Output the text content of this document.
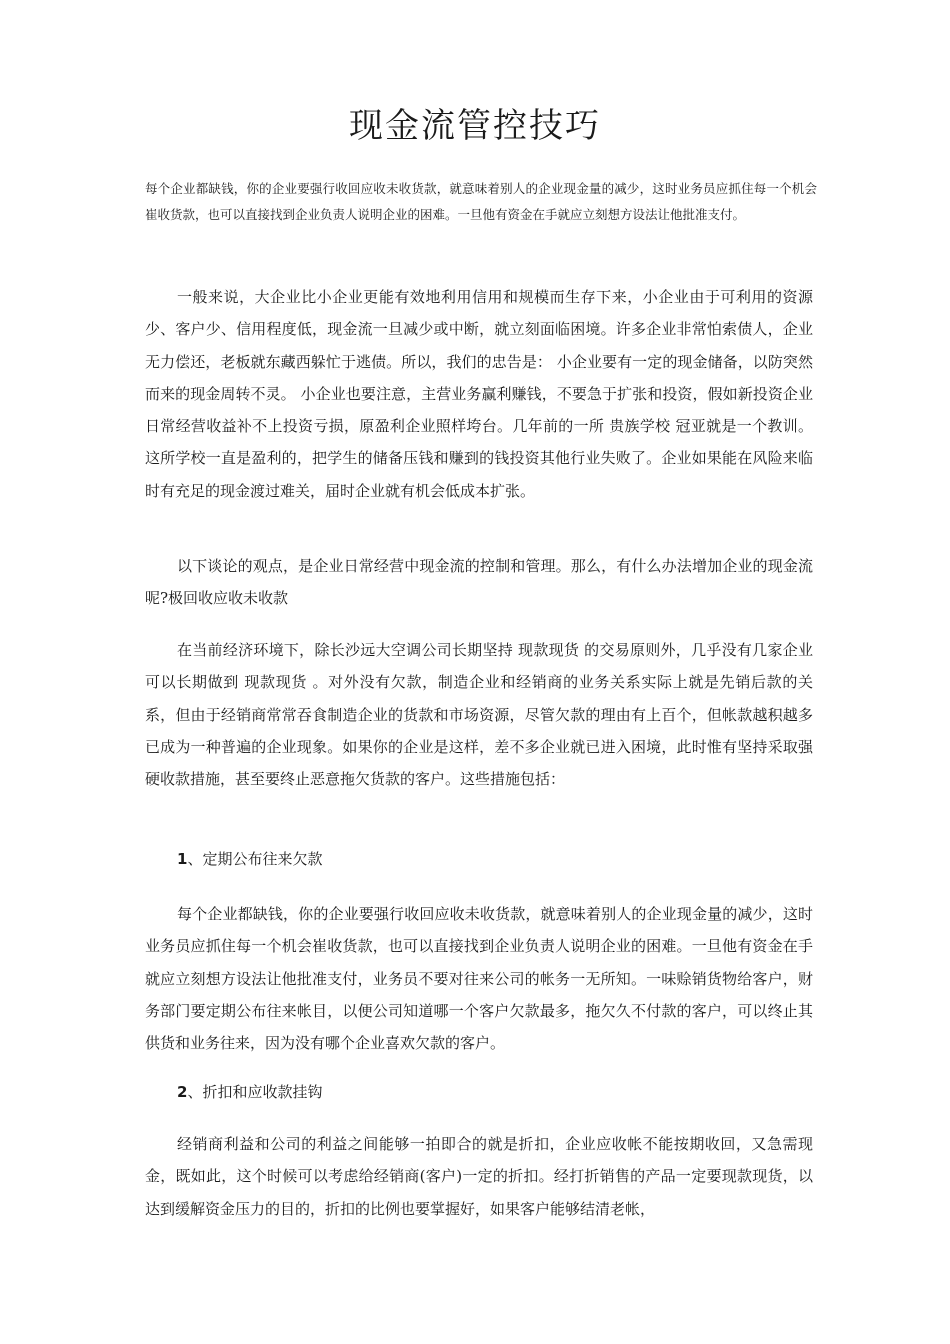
现金流管控技巧

每个企业都缺钱，你的企业要强行收回应收未收货款，就意味着别人的企业现金量的减少，这时业务员应抓住每一个机会崔收货款，也可以直接找到企业负责人说明企业的困难。一旦他有资金在手就应立刻想方设法让他批准支付。

一般来说，大企业比小企业更能有效地利用信用和规模而生存下来，小企业由于可利用的资源少、客户少、信用程度低，现金流一旦减少或中断，就立刻面临困境。许多企业非常怕索债人，企业无力偿还，老板就东藏西躲忙于逃债。所以，我们的忠告是： 小企业要有一定的现金储备，以防突然而来的现金周转不灵。 小企业也要注意，主营业务赢利赚钱，不要急于扩张和投资，假如新投资企业日常经营收益补不上投资亏损，原盈利企业照样垮台。几年前的一所 贵族学校 冠亚就是一个教训。这所学校一直是盈利的，把学生的储备压钱和赚到的钱投资其他行业失败了。企业如果能在风险来临时有充足的现金渡过难关，届时企业就有机会低成本扩张。

以下谈论的观点，是企业日常经营中现金流的控制和管理。那么，有什么办法增加企业的现金流呢?极回收应收未收款

在当前经济环境下，除长沙远大空调公司长期坚持 现款现货 的交易原则外，几乎没有几家企业可以长期做到 现款现货 。对外没有欠款，制造企业和经销商的业务关系实际上就是先销后款的关系，但由于经销商常常吞食制造企业的货款和市场资源，尽管欠款的理由有上百个，但帐款越积越多已成为一种普遍的企业现象。如果你的企业是这样，差不多企业就已进入困境，此时惟有坚持采取强硬收款措施，甚至要终止恶意拖欠货款的客户。这些措施包括：

1、定期公布往来欠款

每个企业都缺钱，你的企业要强行收回应收未收货款，就意味着别人的企业现金量的减少，这时业务员应抓住每一个机会崔收货款，也可以直接找到企业负责人说明企业的困难。一旦他有资金在手就应立刻想方设法让他批准支付，业务员不要对往来公司的帐务一无所知。一味赊销货物给客户，财务部门要定期公布往来帐目，以便公司知道哪一个客户欠款最多，拖欠久不付款的客户，可以终止其供货和业务往来，因为没有哪个企业喜欢欠款的客户。

2、折扣和应收款挂钩

经销商利益和公司的利益之间能够一拍即合的就是折扣，企业应收帐不能按期收回，又急需现金，既如此，这个时候可以考虑给经销商(客户)一定的折扣。经打折销售的产品一定要现款现货，以达到缓解资金压力的目的，折扣的比例也要掌握好，如果客户能够结清老帐，
